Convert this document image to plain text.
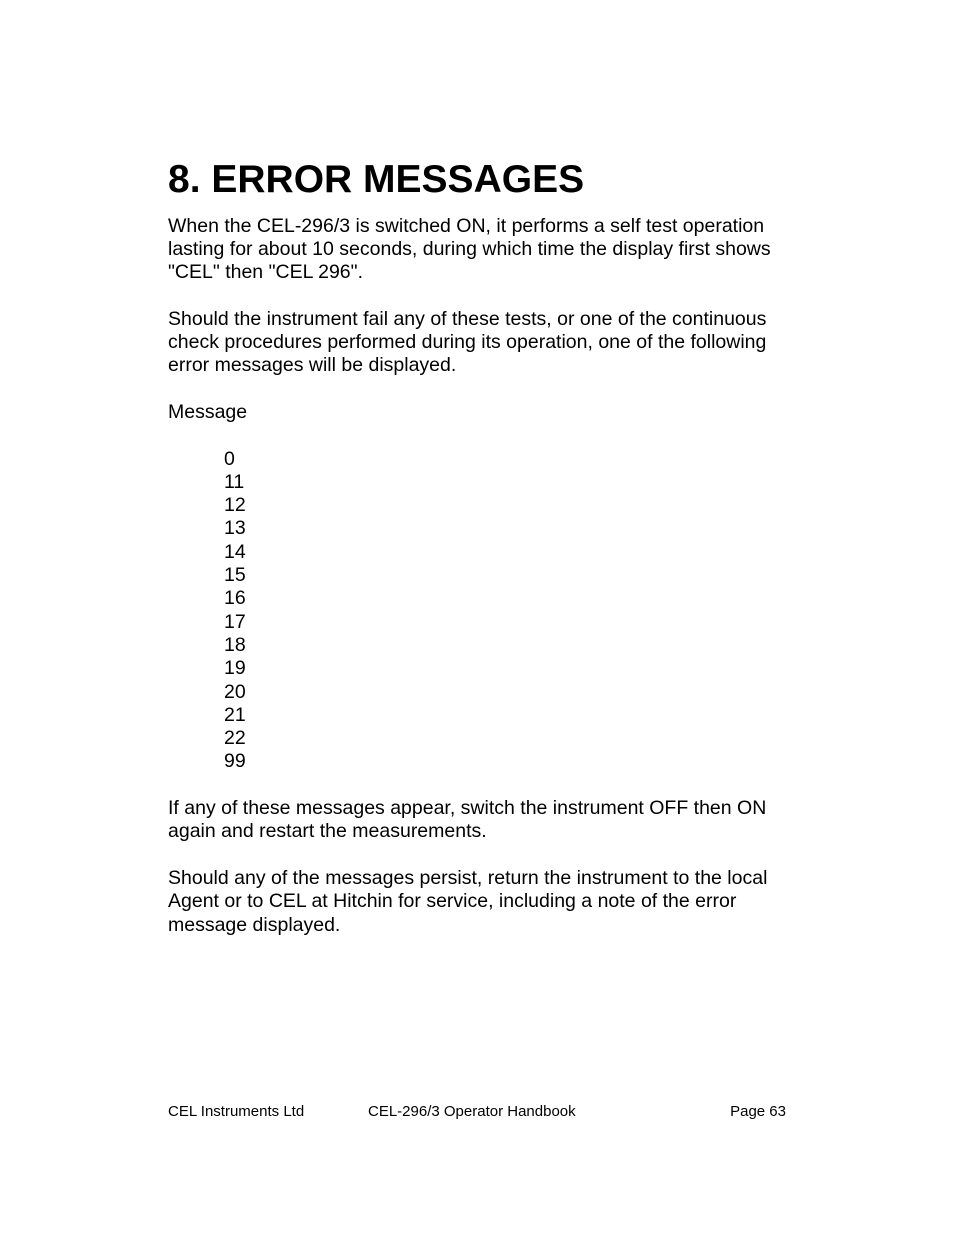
8. ERROR MESSAGES

When the CEL-296/3 is switched ON, it performs a self test operation lasting for about 10 seconds, during which time the display first shows "CEL" then "CEL 296".

Should the instrument fail any of these tests, or one of the continuous check procedures performed during its operation, one of the following error messages will be displayed.

Message

0
11
12
13
14
15
16
17
18
19
20
21
22
99

If any of these messages appear, switch the instrument OFF then ON again and restart the measurements.

Should any of the messages persist, return the instrument to the local Agent or to CEL at Hitchin for service, including a note of the error message displayed.

CEL Instruments Ltd	CEL-296/3 Operator Handbook	Page 63
